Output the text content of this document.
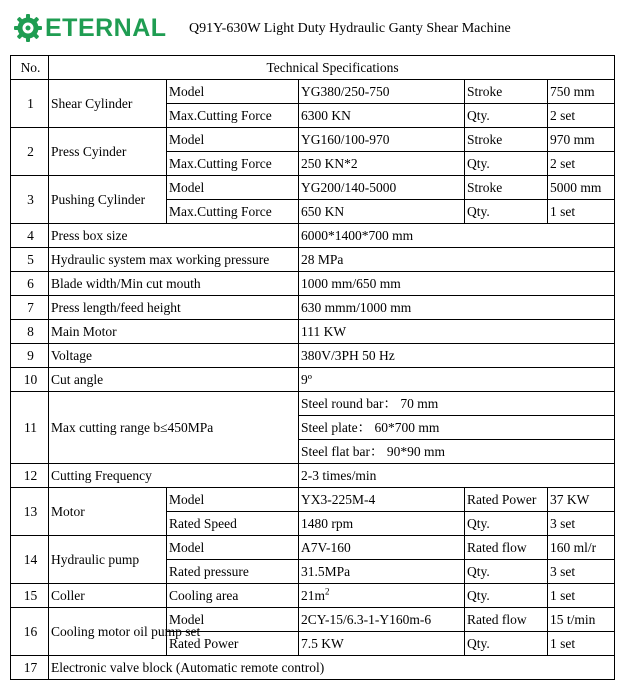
ETERNAL Q91Y-630W Light Duty Hydraulic Ganty Shear Machine
No.	Technical Specifications				
1	Shear Cylinder	Model	YG380/250-750	Stroke	750 mm
		Max.Cutting Force	6300 KN	Qty.	2 set
2	Press Cyinder	Model	YG160/100-970	Stroke	970 mm
		Max.Cutting Force	250 KN*2	Qty.	2 set
3	Pushing Cylinder	Model	YG200/140-5000	Stroke	5000 mm
		Max.Cutting Force	650 KN	Qty.	1 set
4	Press box size		6000*1400*700 mm		
5	Hydraulic system max working pressure		28 MPa		
6	Blade width/Min cut mouth		1000 mm/650 mm		
7	Press length/feed height		630 mmm/1000 mm		
8	Main Motor		111 KW		
9	Voltage		380V/3PH 50 Hz		
10	Cut angle		9º		
11	Max cutting range b≤450MPa		Steel round bar： 70 mm		
			Steel plate： 60*700 mm		
			Steel flat bar： 90*90 mm		
12	Cutting Frequency		2-3 times/min		
13	Motor	Model	YX3-225M-4	Rated Power	37 KW
		Rated Speed	1480 rpm	Qty.	3 set
14	Hydraulic pump	Model	A7V-160	Rated flow	160 ml/r
		Rated pressure	31.5MPa	Qty.	3 set
15	Coller	Cooling area	$21m^2$	Qty.	1 set
16	Cooling motor oil pump set	Model	2CY-15/6.3-1-Y160m-6	Rated flow	15 t/min
		Rated Power	7.5 KW	Qty.	1 set
17	Electronic valve block (Automatic remote control)				
